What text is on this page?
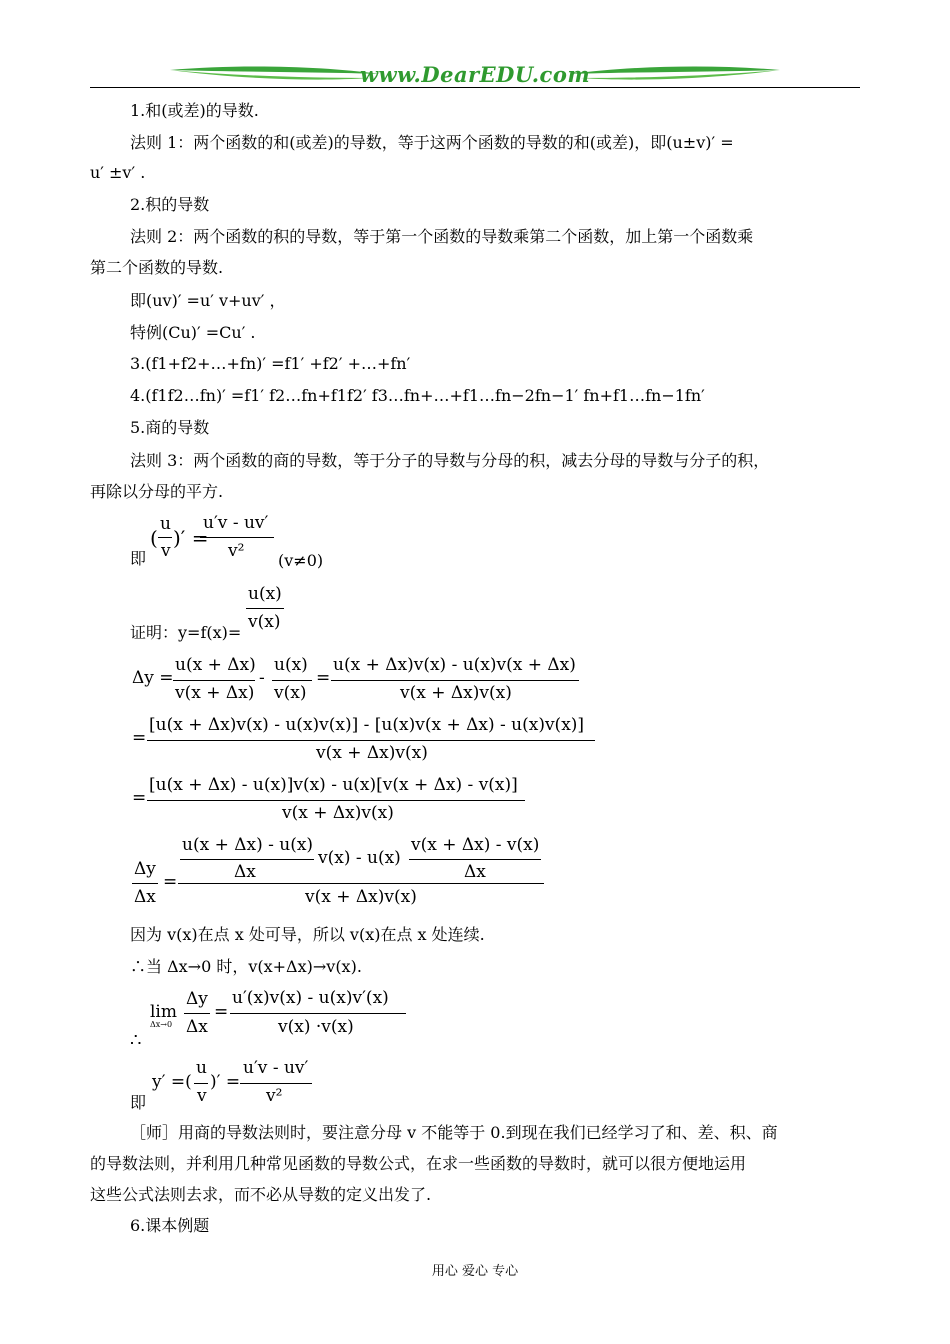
www.DearEDU.com
1.和(或差)的导数.
法则 1：两个函数的和(或差)的导数，等于这两个函数的导数的和(或差)，即(u±v)′ =
u′ ±v′ .
2.积的导数
法则 2：两个函数的积的导数，等于第一个函数的导数乘第二个函数，加上第一个函数乘
第二个函数的导数.
即(uv)′ =u′ v+uv′ ，
特例(Cu)′ =Cu′ .
3.(f1+f2+…+fn)′ =f1′ +f2′ +…+fn′
4.(f1f2…fn)′ =f1′ f2…fn+f1f2′ f3…fn+…+f1…fn−2fn−1′ fn+f1…fn−1fn′
5.商的导数
法则 3：两个函数的商的导数，等于分子的导数与分母的积，减去分母的导数与分子的积，
再除以分母的平方.
即
(
u
v
)′ =
u′v - uv′
v² (v≠0)
证明：y=f(x)=
u(x)
v(x)
Δy =
u(x + Δx)
v(x + Δx)
-
u(x)
v(x)
=
u(x + Δx)v(x) - u(x)v(x + Δx)
v(x + Δx)v(x)
=
[u(x + Δx)v(x) - u(x)v(x)] - [u(x)v(x + Δx) - u(x)v(x)]
v(x + Δx)v(x)
=
[u(x + Δx) - u(x)]v(x) - u(x)[v(x + Δx) - v(x)]
v(x + Δx)v(x)
Δy
Δx
=
u(x + Δx) - u(x)
Δx
v(x) - u(x)
v(x + Δx) - v(x)
Δx
v(x + Δx)v(x)
因为 v(x)在点 x 处可导，所以 v(x)在点 x 处连续.
∴当 Δx→0 时，v(x+Δx)→v(x).
lim
Δx→0
Δy
Δx
=
u′(x)v(x) - u(x)v′(x)
v(x) ·v(x)
∴
即
y′ =(
u
v
)′ =
u′v - uv′
v²
［师］用商的导数法则时，要注意分母 v 不能等于 0.到现在我们已经学习了和、差、积、商
的导数法则，并利用几种常见函数的导数公式，在求一些函数的导数时，就可以很方便地运用
这些公式法则去求，而不必从导数的定义出发了.
6.课本例题
用心 爱心 专心
